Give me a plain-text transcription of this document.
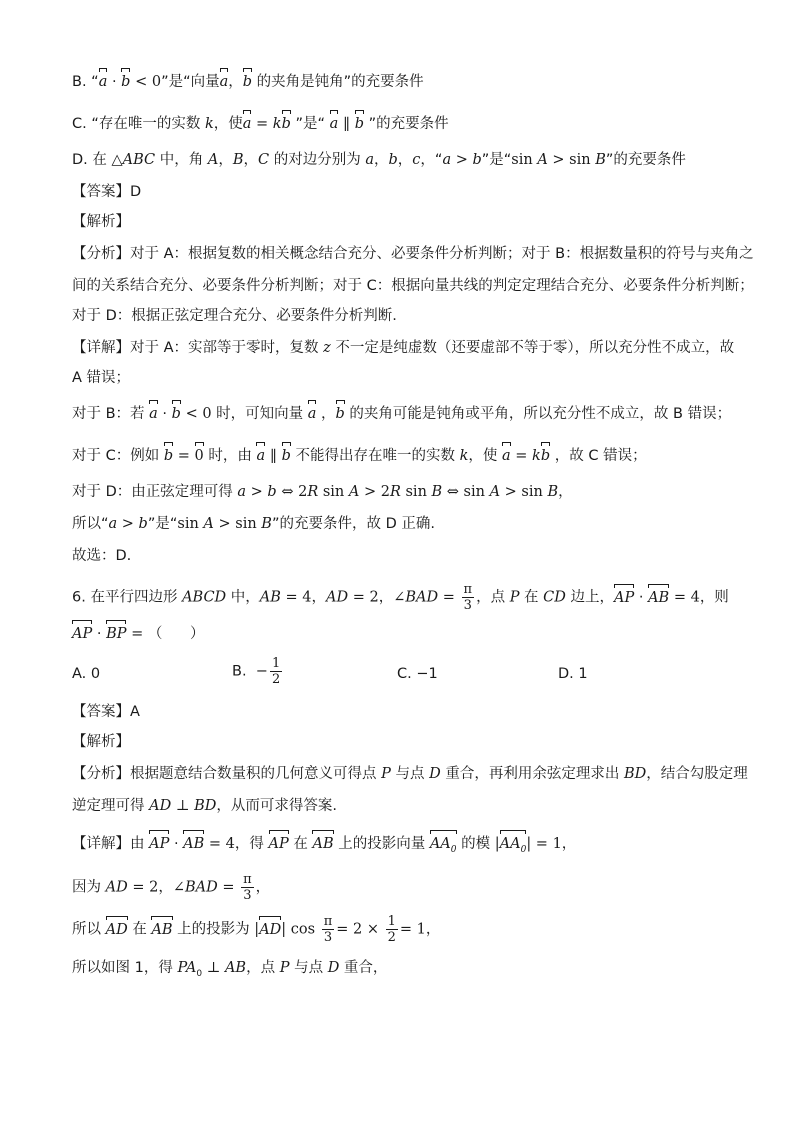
B. “a · b < 0”是“向量a，b 的夹角是钝角”的充要条件
C. “存在唯一的实数 k，使a = kb ”是“ a ∥ b ”的充要条件
D. 在 △ABC 中，角 A，B，C 的对边分别为 a，b，c，“a > b”是“sin A > sin B”的充要条件
【答案】D
【解析】
【分析】对于 A：根据复数的相关概念结合充分、必要条件分析判断；对于 B：根据数量积的符号与夹角之
间的关系结合充分、必要条件分析判断；对于 C：根据向量共线的判定定理结合充分、必要条件分析判断；
对于 D：根据正弦定理合充分、必要条件分析判断.
【详解】对于 A：实部等于零时，复数 z 不一定是纯虚数（还要虚部不等于零），所以充分性不成立，故
A 错误；
对于 B：若 a · b < 0 时，可知向量 a ，b 的夹角可能是钝角或平角，所以充分性不成立，故 B 错误；
对于 C：例如 b = 0 时，由 a ∥ b 不能得出存在唯一的实数 k，使 a = kb ，故 C 错误；
对于 D：由正弦定理可得 a > b ⇔ 2R sin A > 2R sin B ⇔ sin A > sin B，
所以“a > b”是“sin A > sin B”的充要条件，故 D 正确.
故选：D.
6. 在平行四边形 ABCD 中，AB = 4，AD = 2，∠BAD = $\frac{\pi}{3}$ ，点 P 在 CD 边上，AP · AB = 4，则
AP · BP = （      ）
A. 0	B.  − $\frac{1}{2}$	C. −1	D. 1
【答案】A
【解析】
【分析】根据题意结合数量积的几何意义可得点 P 与点 D 重合，再利用余弦定理求出 BD，结合勾股定理
逆定理可得 AD ⊥ BD，从而可求得答案.
【详解】由 AP · AB = 4，得 AP 在 AB 上的投影向量 $AA_0$ 的模 $|AA_0| = 1$，
因为 AD = 2，∠BAD = $\frac{\pi}{3}$ ，
所以 AD 在 AB 上的投影为 |AD| $\cos \frac{\pi}{3} = 2 \times \frac{1}{2} = 1$，
所以如图 1，得 $PA_0$ ⊥ AB，点 P 与点 D 重合，
